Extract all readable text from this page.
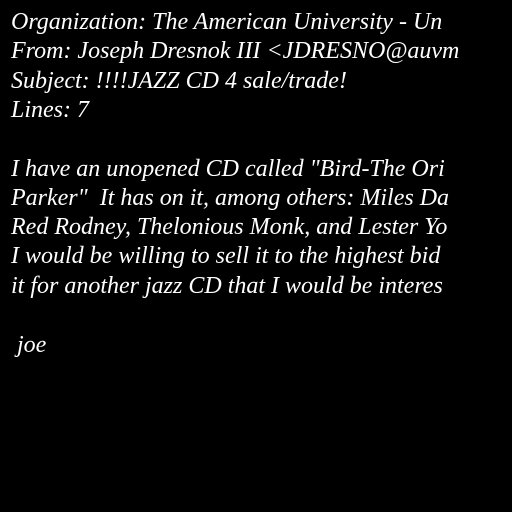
Organization: The American University - Un
From: Joseph Dresnok III <JDRESNO@auvm
Subject: !!!!JAZZ CD 4 sale/trade!
Lines: 7
I have an unopened CD called "Bird-The Ori
Parker"  It has on it, among others: Miles Da
Red Rodney, Thelonious Monk, and Lester Yo
I would be willing to sell it to the highest bid
it for another jazz CD that I would be interes
joe
